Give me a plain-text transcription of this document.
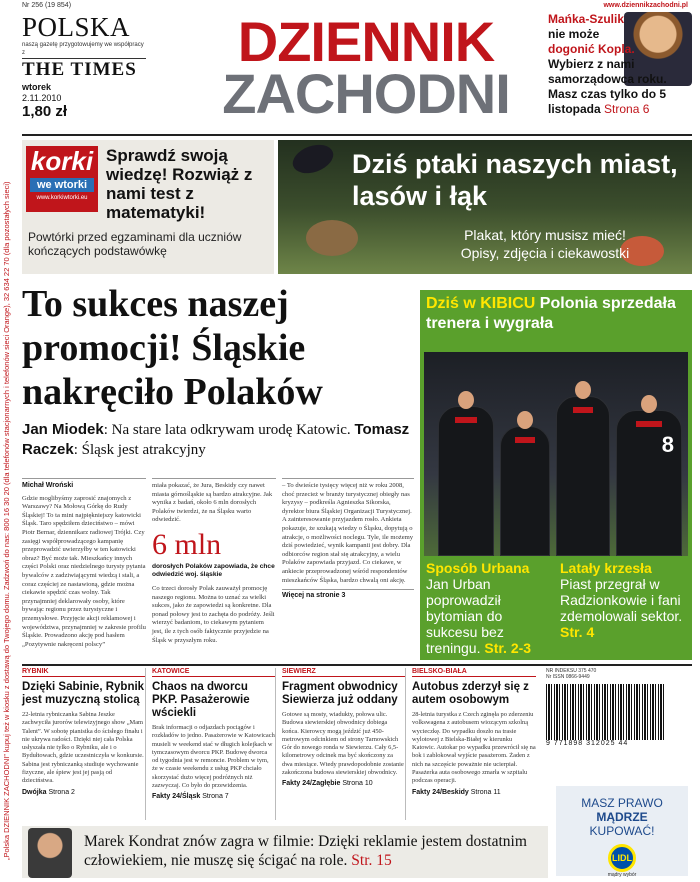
„Polska DZIENNIK ZACHODNI” kupuj też w kiosku z dostawą do Twojego domu. Zadzwoń do nas: 800 16 30 20 (dla telefonów stacjonarnych i telefonów sieci Orange), 32 634 22 70 (dla pozostałych sieci)
Nr 256 (19 854)	www.dziennikzachodni.pl
POLSKA
naszą gazetę przygotowujemy we współpracy z
THE TIMES
wtorek
2.11.2010
1,80 zł
DZIENNIK
ZACHODNI
Mańka-Szulik
nie może
dogonić Kopla.
Wybierz z nami
samorządowca roku.
Masz czas tylko do 5
listopada Strona 6
korki
we wtorki
www.korkiwtorki.eu
Sprawdź swoją wiedzę! Rozwiąż z nami test z matematyki!
Powtórki przed egzaminami dla uczniów kończących podstawówkę
Dziś ptaki naszych miast, lasów i łąk
Plakat, który musisz mieć!
Opisy, zdjęcia i ciekawostki
To sukces naszej promocji! Śląskie nakręciło Polaków
Jan Miodek: Na stare lata odkrywam urodę Katowic. Tomasz Raczek: Śląsk jest atrakcyjny
Michał Wroński
Gdzie moglibyśmy zaprosić znajomych z Warszawy? Na Mołową Górkę do Rudy Śląskiej! To ta mini najpiękniejszy katowicki Śląsk. Taro spędziłem dzieciństwo – mówi Piotr Bernar, dziennikarz radiowej Trójki. Czy zasięgi współprowadzącego kampanię przeprowadzić uwierzyłby w ten katowicki obraz? Być może tak. Mieszkańcy innych części Polski oraz niedzielnego turysty pytania bywalców z zadziwiającymi wiedzą i stali, a coraz częściej ze nastawioną, gdzie można ciekawie spędzić czas wolny. Tak przynajmniej deklarowały osoby, które bywając regionu przez turystyczne i przemysłowe. Przyjęcie akcji reklamowej i województwa, przynajmniej w zakresie profilu Śląskie. Prowadzono akcję pod hasłem „Pozytywnie nakręceni polscy”
miała pokazać, że Jura, Beskidy czy nawet miasta górnośląskie są bardzo atrakcyjne. Jak wynika z badań, około 6 mln dorosłych Polaków twierdzi, że na Śląsku warto odwiedzić.
6 mln
dorosłych Polaków zapowiada, że chce odwiedzić woj. śląskie
Co trzeci dorosły Polak zauważył promocję naszego regionu. Można to uznać za wielki sukces, jako że zapowiedzi są konkretne. Dla ponad połowy jest to zachęta do podróży. Jeśli wierzyć badaniom, to ciekawym pytaniem jest, ile z tych osób faktycznie przyjedzie na Śląsk w przyszłym roku.
– To dwieście tysięcy więcej niż w roku 2008, choć przecież w branży turystycznej obiegły nas kryzysy – podkreśla Agnieszka Sikorska, dyrektor biura Śląskiej Organizacji Turystycznej. A zainteresowanie przyjazdem rosło. Ankieta pokazuje, że szukają wiedzy o Śląsku, dopytują o atrakcje, o możliwości noclegu. Tyle, ile możemy dziś powiedzieć, wynik kampanii jest dobry. Dla odbiorców region stał się atrakcyjny, a wielu Polaków zapowiada przyjazd. Co ciekawe, w ankiecie przeprowadzonej wśród respondentów mieszkańców Śląska, bardzo chwalą oni akcję.
Więcej na stronie 3
Dziś w KIBICU Polonia sprzedała trenera i wygrała
8
Sposób Urbana
Jan Urban poprowadził bytomian do sukcesu bez treningu. Str. 2-3
Latały krzesła
Piast przegrał w Radzionkowie i fani zdemolowali sektor. Str. 4
RYBNIK
Dzięki Sabinie, Rybnik jest muzyczną stolicą
22-letnia rybniczanka Sabina Jeszke zachwyciła jurorów telewizyjnego show „Mam Talent”. W sobotę pianistka do ścisłego finału i nie ukrywa radości. Dzięki niej cała Polska usłyszała nie tylko o Rybniku, ale i o Bydułtowach, gdzie uczestniczyła w konkursie. Sabina jest rybniczanką studiuje wychowanie fizyczne, ale śpiew jest jej pasją od dzieciństwa.
Dwójka Strona 2
KATOWICE
Chaos na dworcu PKP. Pasażerowie wściekli
Brak informacji o odjazdach pociągów i rozkładów to jedno. Pasażerowie w Katowicach musieli w weekend stać w długich kolejkach w tymczasowym dworcu PKP. Budowę dworca od tygodnia jest w remoncie. Problem w tym, że w czasie weekendu z usług PKP chciało skorzystać dużo więcej podróżnych niż zazwyczaj. Co było do przewidzenia.
Fakty 24/Śląsk Strona 7
SIEWIERZ
Fragment obwodnicy Siewierza już oddany
Gotowe są mosty, wiadukty, połowa ulic. Budowa siewierskiej obwodnicy dobiega końca. Kierowcy mogą jeździć już 450-metrowym odcinkiem od strony Tarnowskich Gór do nowego ronda w Siewierzu. Cały 6,5-kilometrowy odcinek ma być skończony za dwa miesiące. Wtedy prawdopodobnie zostanie zakończona budowa siewierskiej obwodnicy.
Fakty 24/Zagłębie Strona 10
BIELSKO-BIAŁA
Autobus zderzył się z autem osobowym
28-letnia turystka z Czech zginęła po zderzeniu volkswagena z autobusem wiozącym szkolną wycieczkę. Do wypadku doszło na trasie wylotowej z Bielska-Białej w kierunku Katowic. Autokar po wypadku przewrócił się na bok i zablokował wyjście pasażerom. Żaden z nich na szczęście poważnie nie ucierpiał. Pasażerka auta osobowego zmarła w szpitalu podczas operacji.
Fakty 24/Beskidy Strona 11
NR INDEKSU 375 470
Nr ISSN 0866-9449
9 771898 312025 44
MASZ PRAWO
MĄDRZE
KUPOWAĆ!
LIDL
mądry wybór
Marek Kondrat znów zagra w filmie: Dzięki reklamie jestem dostatnim człowiekiem, nie muszę się ścigać na role. Str. 15
